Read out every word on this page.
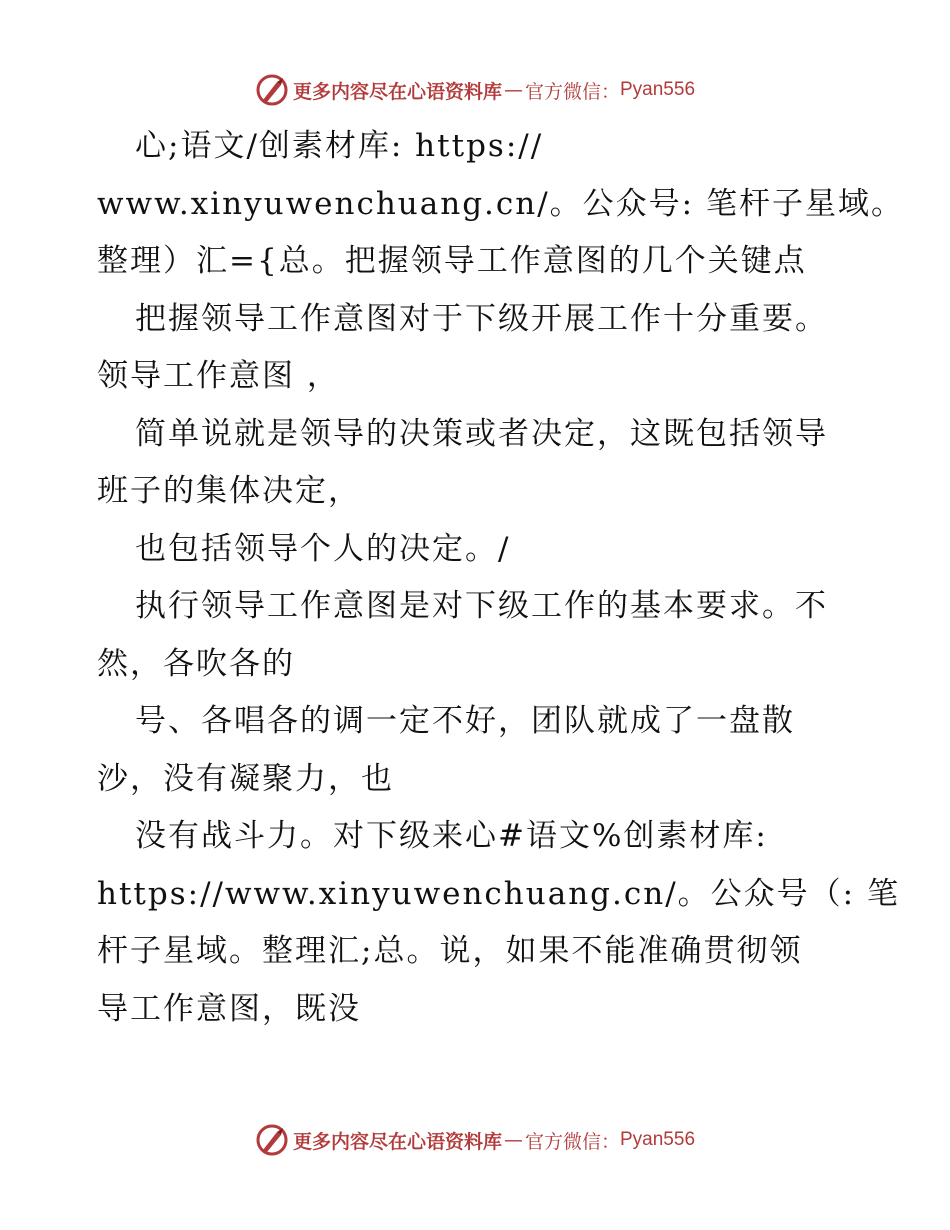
更多内容尽在心语资料库 — 官方微信： Pyan556
心;语文/创素材库: https://
www.xinyuwenchuang.cn/。公众号: 笔杆子星域。
整理）汇={总。把握领导工作意图的几个关键点
把握领导工作意图对于下级开展工作十分重要。
领导工作意图 ，
简单说就是领导的决策或者决定，这既包括领导
班子的集体决定，
也包括领导个人的决定。/
执行领导工作意图是对下级工作的基本要求。不
然，各吹各的
号、各唱各的调一定不好，团队就成了一盘散
沙，没有凝聚力，也
没有战斗力。对下级来心#语文%创素材库:
https://www.xinyuwenchuang.cn/。公众号（: 笔
杆子星域。整理汇;总。说，如果不能准确贯彻领
导工作意图，既没
更多内容尽在心语资料库 — 官方微信： Pyan556
